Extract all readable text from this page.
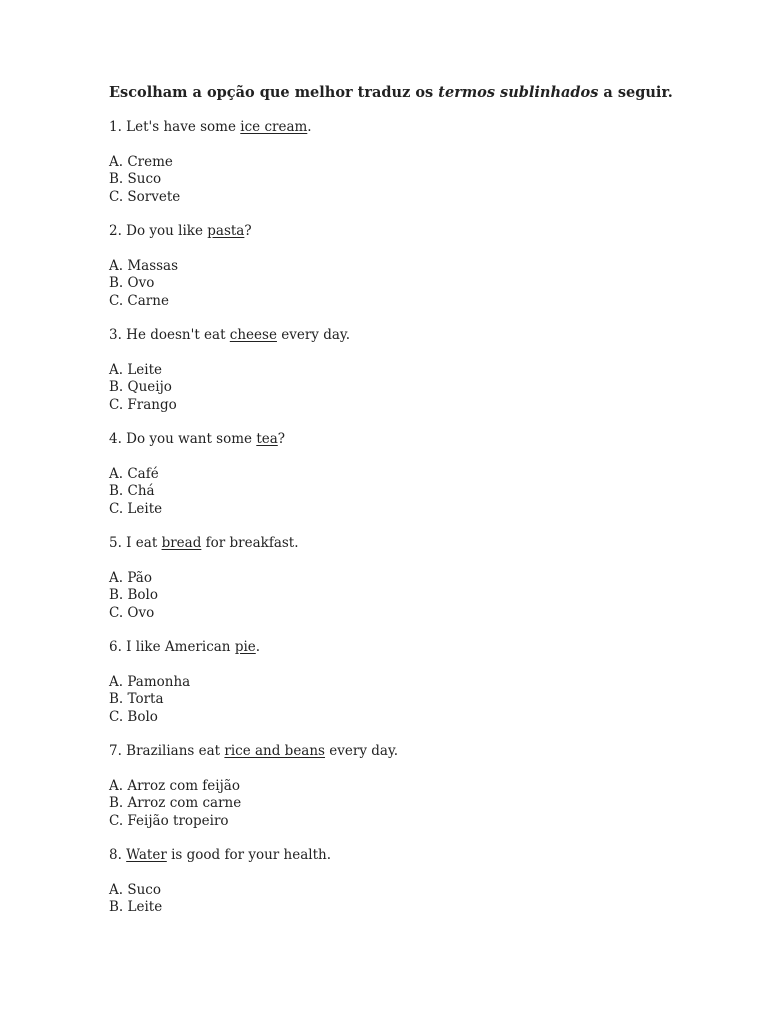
Escolham a opção que melhor traduz os termos sublinhados a seguir.

1. Let's have some ice cream.

A. Creme

B. Suco

C. Sorvete

2. Do you like pasta?

A. Massas

B. Ovo

C. Carne

3. He doesn't eat cheese every day.

A. Leite

B. Queijo

C. Frango

4. Do you want some tea?

A. Café

B. Chá

C. Leite

5. I eat bread for breakfast.

A. Pão

B. Bolo

C. Ovo

6. I like American pie.

A. Pamonha

B. Torta

C. Bolo

7. Brazilians eat rice and beans every day.

A. Arroz com feijão

B. Arroz com carne

C. Feijão tropeiro

8. Water is good for your health.

A. Suco

B. Leite
